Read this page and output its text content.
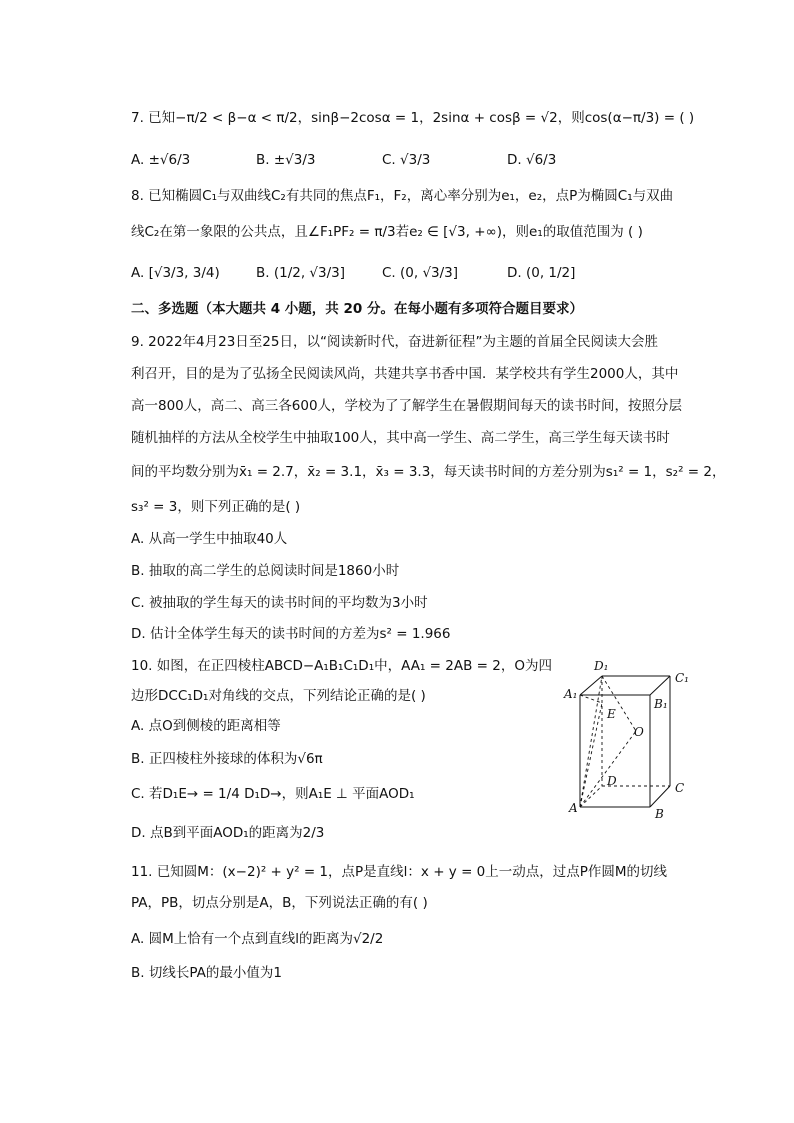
7. 已知−π/2 < β−α < π/2，sinβ−2cosα = 1，2sinα + cosβ = √2，则cos(α−π/3) = ( )
A. ±√6/3	B. ±√3/3	C. √3/3	D. √6/3
8. 已知椭圆C₁与双曲线C₂有共同的焦点F₁，F₂，离心率分别为e₁，e₂，点P为椭圆C₁与双曲
线C₂在第一象限的公共点，且∠F₁PF₂ = π/3若e₂ ∈ [√3, +∞)，则e₁的取值范围为 ( )
A. [√3/3, 3/4)	B. (1/2, √3/3]	C. (0, √3/3]	D. (0, 1/2]
二、多选题（本大题共 4 小题，共 20 分。在每小题有多项符合题目要求）
9. 2022年4月23日至25日，以“阅读新时代，奋进新征程”为主题的首届全民阅读大会胜
利召开，目的是为了弘扬全民阅读风尚，共建共享书香中国．某学校共有学生2000人，其中
高一800人，高二、高三各600人，学校为了了解学生在暑假期间每天的读书时间，按照分层
随机抽样的方法从全校学生中抽取100人，其中高一学生、高二学生，高三学生每天读书时
间的平均数分别为x̄₁ = 2.7，x̄₂ = 3.1，x̄₃ = 3.3，每天读书时间的方差分别为s₁² = 1，s₂² = 2，
s₃² = 3，则下列正确的是( )
A. 从高一学生中抽取40人
B. 抽取的高二学生的总阅读时间是1860小时
C. 被抽取的学生每天的读书时间的平均数为3小时
D. 估计全体学生每天的读书时间的方差为s² = 1.966
10. 如图，在正四棱柱ABCD−A₁B₁C₁D₁中，AA₁ = 2AB = 2，O为四
边形DCC₁D₁对角线的交点，下列结论正确的是( )
A. 点O到侧棱的距离相等
B. 正四棱柱外接球的体积为√6π
C. 若D₁E→ = 1/4 D₁D→，则A₁E ⊥ 平面AOD₁
D. 点B到平面AOD₁的距离为2/3
D₁
C₁
A₁
B₁
E
O
D	C
A	B
11. 已知圆M：(x−2)² + y² = 1，点P是直线l：x + y = 0上一动点，过点P作圆M的切线
PA，PB，切点分别是A，B，下列说法正确的有( )
A. 圆M上恰有一个点到直线l的距离为√2/2
B. 切线长PA的最小值为1
